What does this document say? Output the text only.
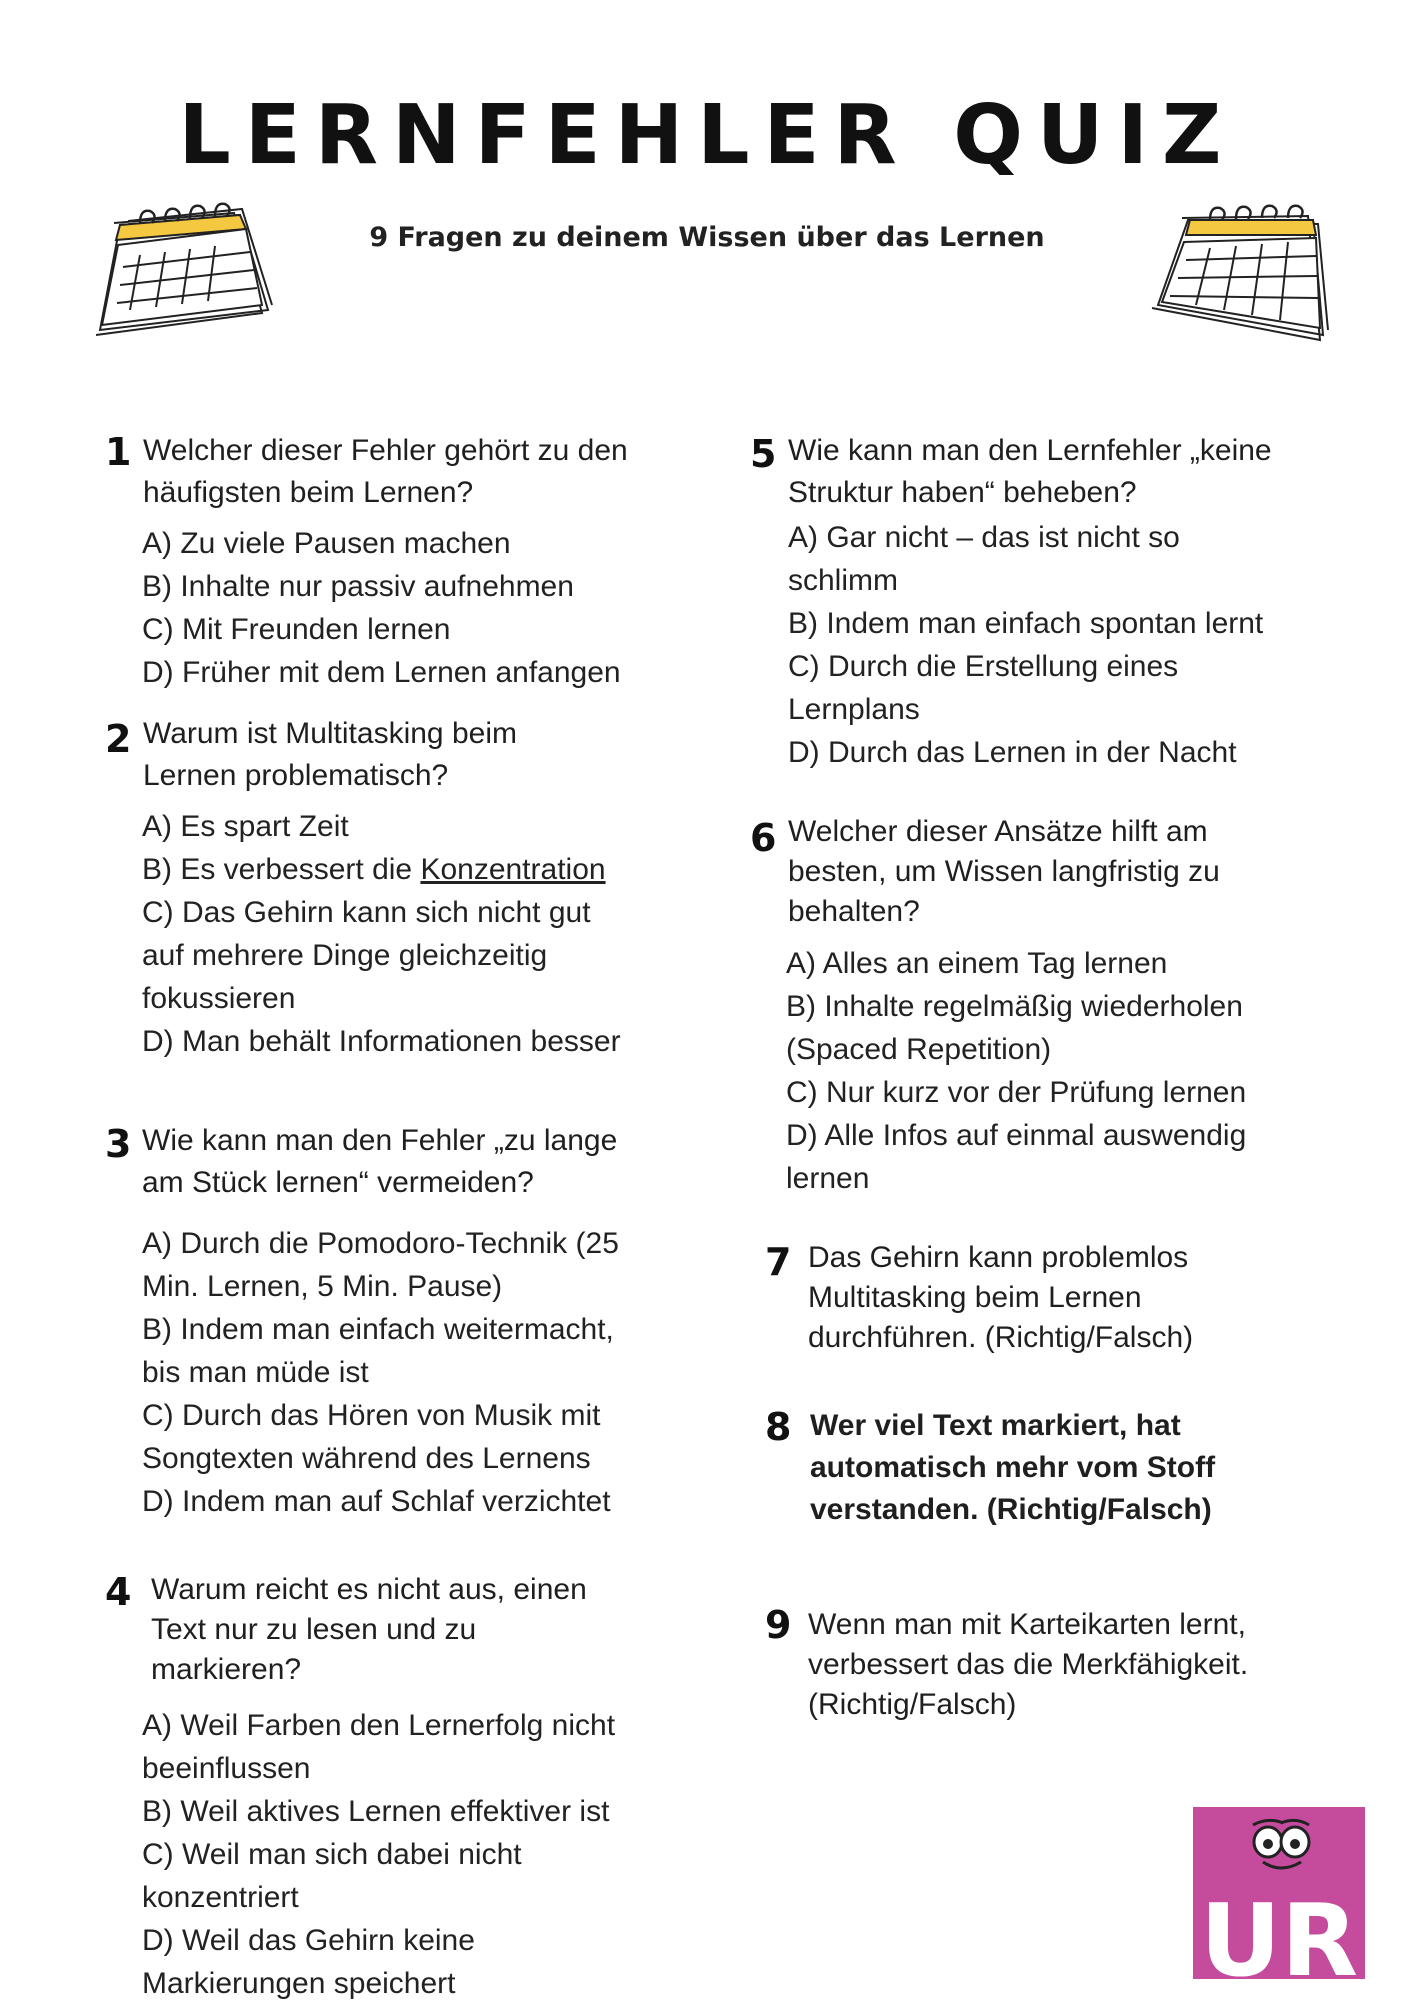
LERNFEHLER QUIZ
9 Fragen zu deinem Wissen über das Lernen
1 Welcher dieser Fehler gehört zu den
häufigsten beim Lernen?
A) Zu viele Pausen machen
B) Inhalte nur passiv aufnehmen
C) Mit Freunden lernen
D) Früher mit dem Lernen anfangen
2 Warum ist Multitasking beim
Lernen problematisch?
A) Es spart Zeit
B) Es verbessert die Konzentration
C) Das Gehirn kann sich nicht gut
auf mehrere Dinge gleichzeitig
fokussieren
D) Man behält Informationen besser
3 Wie kann man den Fehler „zu lange
am Stück lernen“ vermeiden?
A) Durch die Pomodoro-Technik (25
Min. Lernen, 5 Min. Pause)
B) Indem man einfach weitermacht,
bis man müde ist
C) Durch das Hören von Musik mit
Songtexten während des Lernens
D) Indem man auf Schlaf verzichtet
4 Warum reicht es nicht aus, einen
Text nur zu lesen und zu
markieren?
A) Weil Farben den Lernerfolg nicht
beeinflussen
B) Weil aktives Lernen effektiver ist
C) Weil man sich dabei nicht
konzentriert
D) Weil das Gehirn keine
Markierungen speichert
5 Wie kann man den Lernfehler „keine
Struktur haben“ beheben?
A) Gar nicht – das ist nicht so
schlimm
B) Indem man einfach spontan lernt
C) Durch die Erstellung eines
Lernplans
D) Durch das Lernen in der Nacht
6 Welcher dieser Ansätze hilft am
besten, um Wissen langfristig zu
behalten?
A) Alles an einem Tag lernen
B) Inhalte regelmäßig wiederholen
(Spaced Repetition)
C) Nur kurz vor der Prüfung lernen
D) Alle Infos auf einmal auswendig
lernen
7 Das Gehirn kann problemlos
Multitasking beim Lernen
durchführen. (Richtig/Falsch)
8 Wer viel Text markiert, hat
automatisch mehr vom Stoff
verstanden. (Richtig/Falsch)
9 Wenn man mit Karteikarten lernt,
verbessert das die Merkfähigkeit.
(Richtig/Falsch)
UR
